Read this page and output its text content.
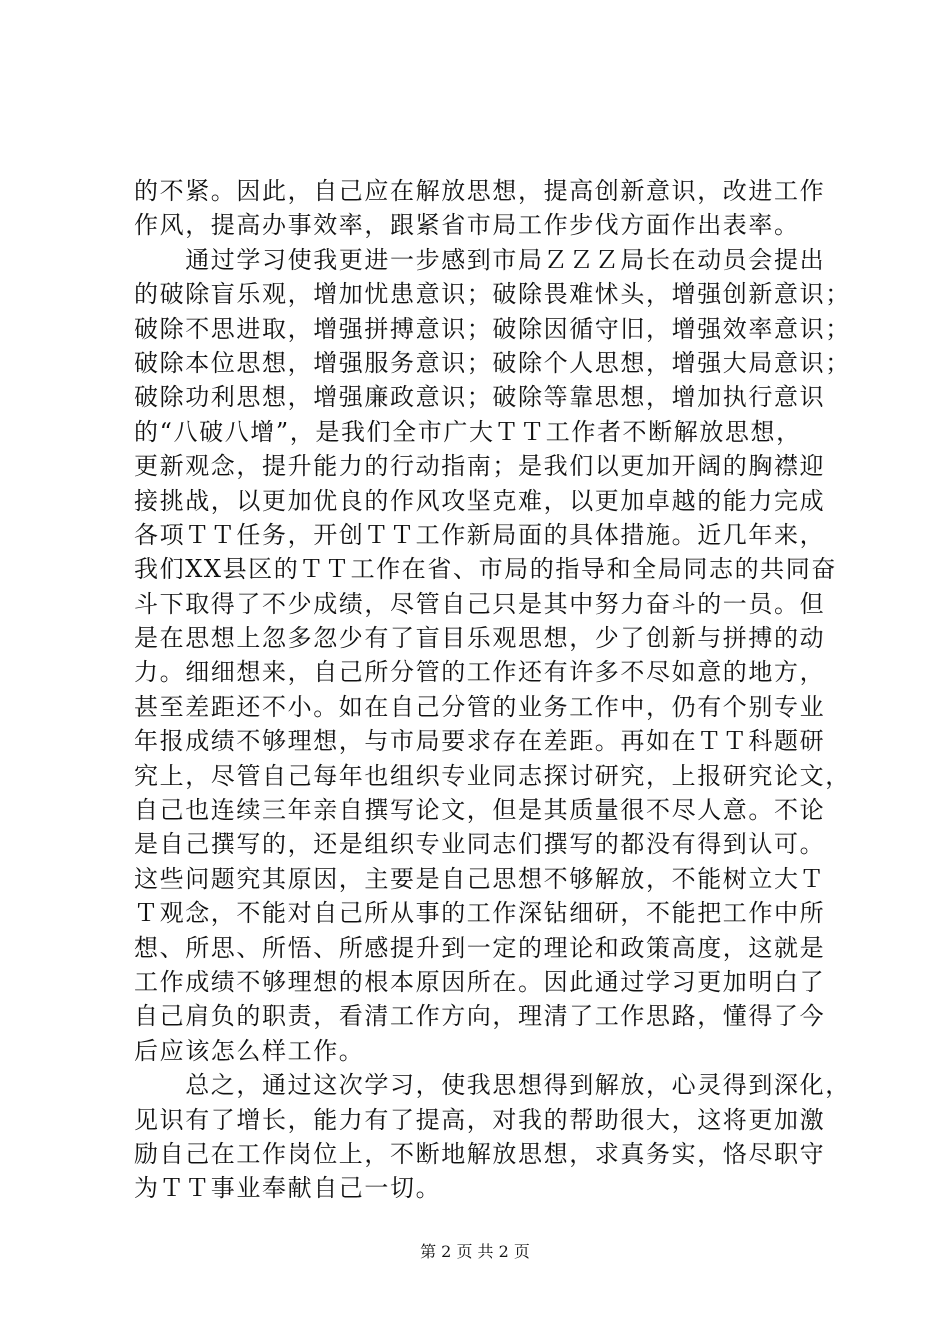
的不紧。因此，自己应在解放思想，提高创新意识，改进工作
作风，提高办事效率，跟紧省市局工作步伐方面作出表率。
　　通过学习使我更进一步感到市局ＺＺＺ局长在动员会提出
的破除盲乐观，增加忧患意识；破除畏难怵头，增强创新意识；
破除不思进取，增强拼搏意识；破除因循守旧，增强效率意识；
破除本位思想，增强服务意识；破除个人思想，增强大局意识；
破除功利思想，增强廉政意识；破除等靠思想，增加执行意识
的“八破八增”，是我们全市广大ＴＴ工作者不断解放思想，
更新观念，提升能力的行动指南；是我们以更加开阔的胸襟迎
接挑战，以更加优良的作风攻坚克难，以更加卓越的能力完成
各项ＴＴ任务，开创ＴＴ工作新局面的具体措施。近几年来，
我们XX县区的ＴＴ工作在省、市局的指导和全局同志的共同奋
斗下取得了不少成绩，尽管自己只是其中努力奋斗的一员。但
是在思想上忽多忽少有了盲目乐观思想，少了创新与拼搏的动
力。细细想来，自己所分管的工作还有许多不尽如意的地方，
甚至差距还不小。如在自己分管的业务工作中，仍有个别专业
年报成绩不够理想，与市局要求存在差距。再如在ＴＴ科题研
究上，尽管自己每年也组织专业同志探讨研究，上报研究论文，
自己也连续三年亲自撰写论文，但是其质量很不尽人意。不论
是自己撰写的，还是组织专业同志们撰写的都没有得到认可。
这些问题究其原因，主要是自己思想不够解放，不能树立大Ｔ
Ｔ观念，不能对自己所从事的工作深钻细研，不能把工作中所
想、所思、所悟、所感提升到一定的理论和政策高度，这就是
工作成绩不够理想的根本原因所在。因此通过学习更加明白了
自己肩负的职责，看清工作方向，理清了工作思路，懂得了今
后应该怎么样工作。
　　总之，通过这次学习，使我思想得到解放，心灵得到深化，
见识有了增长，能力有了提高，对我的帮助很大，这将更加激
励自己在工作岗位上，不断地解放思想，求真务实，恪尽职守
为ＴＴ事业奉献自己一切。
第 2 页 共 2 页
